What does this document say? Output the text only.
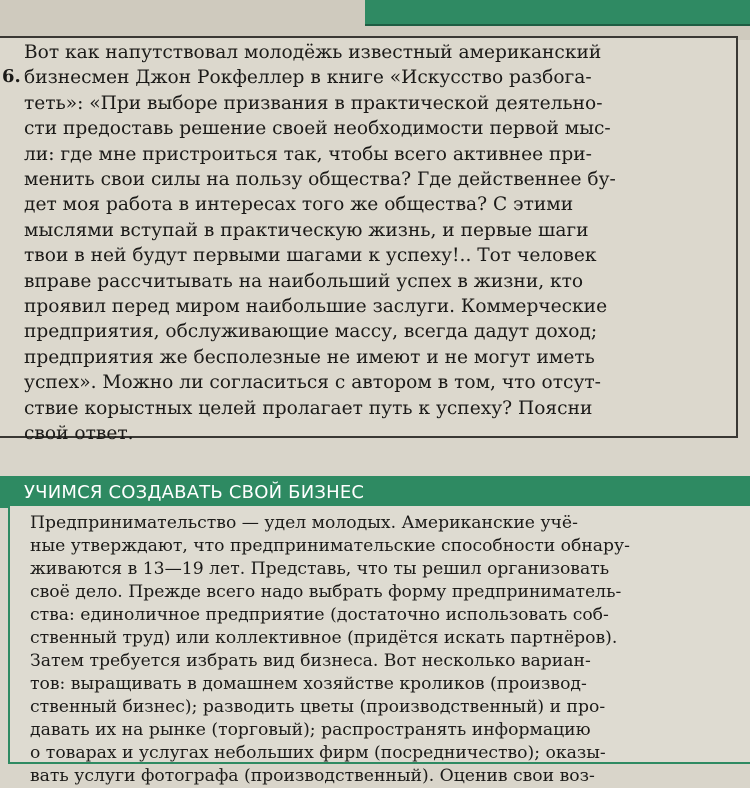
6.
Вот как напутствовал молодёжь известный американский
бизнесмен Джон Рокфеллер в книге «Искусство разбога-
теть»: «При выборе призвания в практической деятельно-
сти предоставь решение своей необходимости первой мыс-
ли: где мне пристроиться так, чтобы всего активнее при-
менить свои силы на пользу общества? Где действеннее бу-
дет моя работа в интересах того же общества? С этими
мыслями вступай в практическую жизнь, и первые шаги
твои в ней будут первыми шагами к успеху!.. Тот человек
вправе рассчитывать на наибольший успех в жизни, кто
проявил перед миром наибольшие заслуги. Коммерческие
предприятия, обслуживающие массу, всегда дадут доход;
предприятия же бесполезные не имеют и не могут иметь
успех». Можно ли согласиться с автором в том, что отсут-
ствие корыстных целей пролагает путь к успеху? Поясни
свой ответ.
УЧИМСЯ СОЗДАВАТЬ СВОЙ БИЗНЕС
Предпринимательство — удел молодых. Американские учё-
ные утверждают, что предпринимательские способности обнару-
живаются в 13—19 лет. Представь, что ты решил организовать
своё дело. Прежде всего надо выбрать форму предприниматель-
ства: единоличное предприятие (достаточно использовать соб-
ственный труд) или коллективное (придётся искать партнёров).
Затем требуется избрать вид бизнеса. Вот несколько вариан-
тов: выращивать в домашнем хозяйстве кроликов (производ-
ственный бизнес); разводить цветы (производственный) и про-
давать их на рынке (торговый); распространять информацию
о товарах и услугах небольших фирм (посредничество); оказы-
вать услуги фотографа (производственный). Оценив свои воз-
